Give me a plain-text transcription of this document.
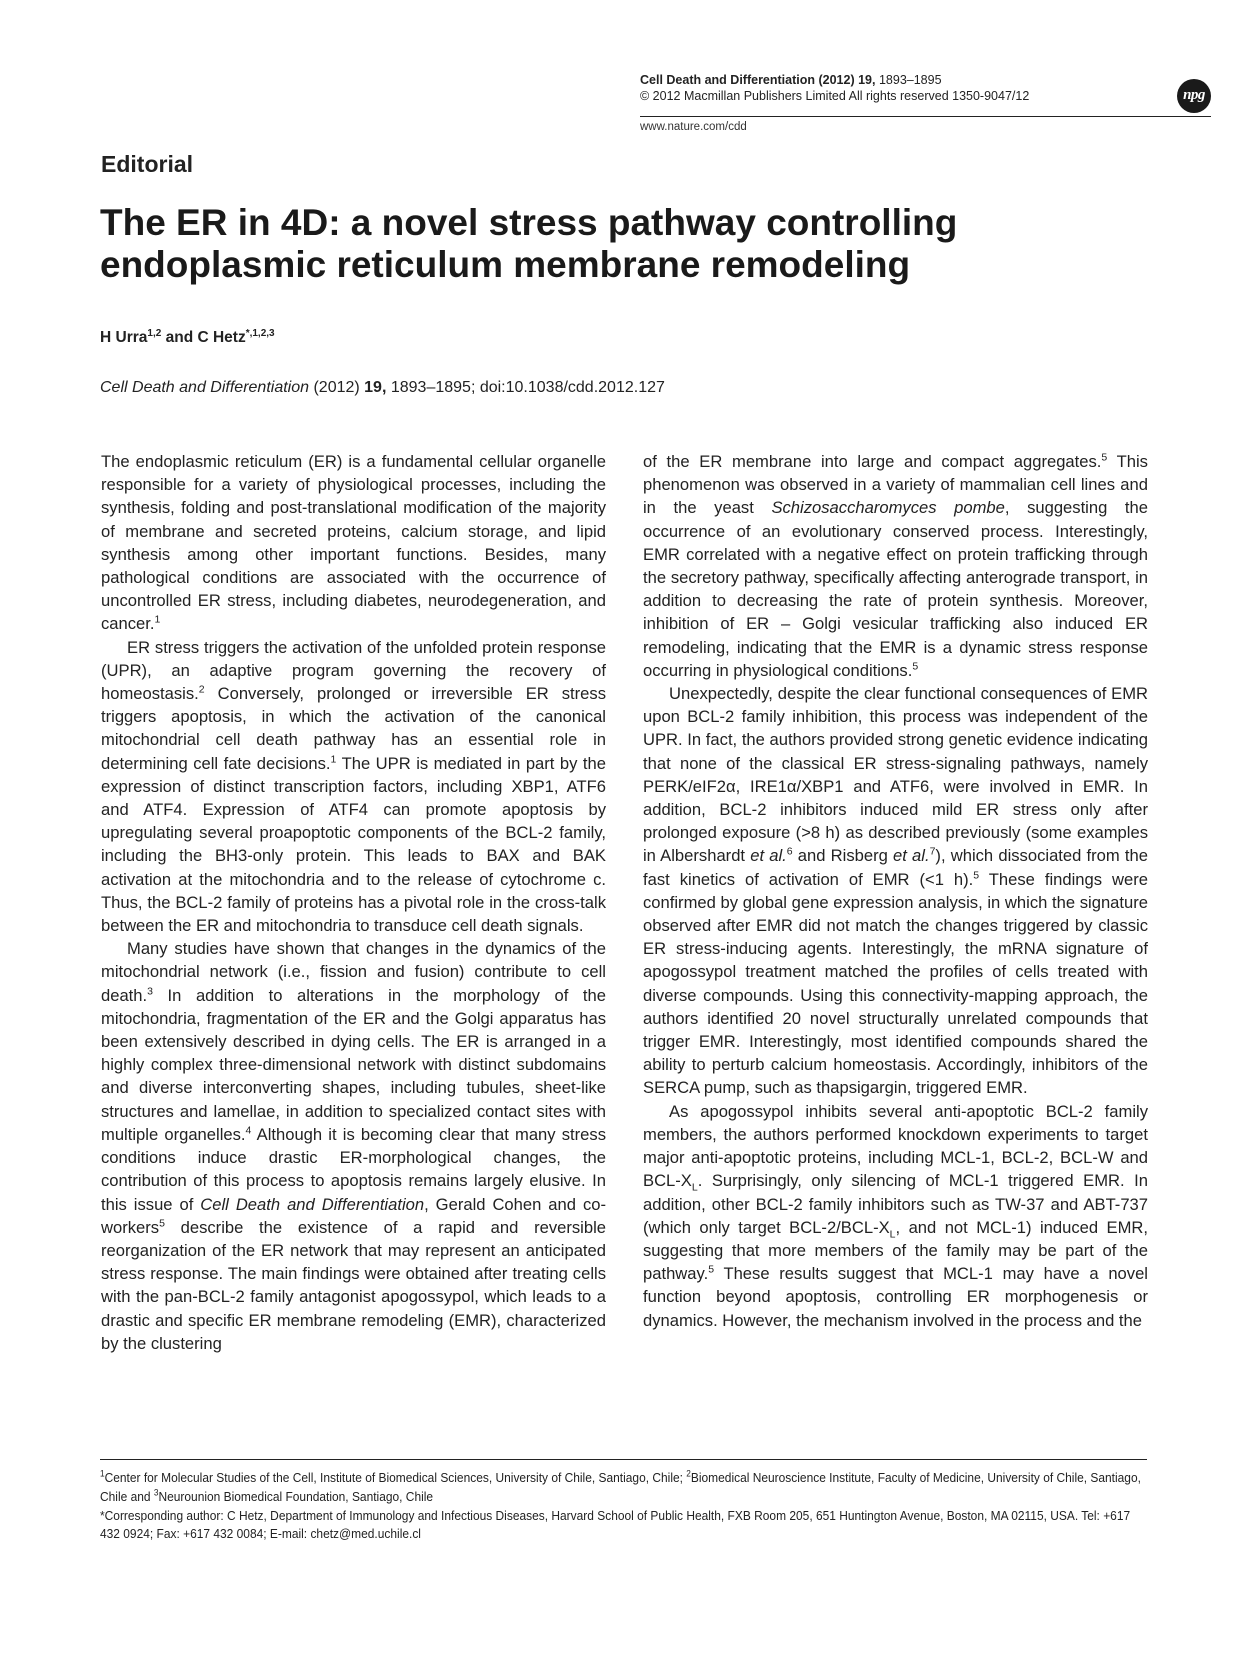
Cell Death and Differentiation (2012) 19, 1893–1895
© 2012 Macmillan Publishers Limited All rights reserved 1350-9047/12
www.nature.com/cdd
npg
Editorial
The ER in 4D: a novel stress pathway controlling endoplasmic reticulum membrane remodeling
H Urra$^{1,2}$ and C Hetz$^{*,1,2,3}$
Cell Death and Differentiation (2012) 19, 1893–1895; doi:10.1038/cdd.2012.127

The endoplasmic reticulum (ER) is a fundamental cellular organelle responsible for a variety of physiological processes, including the synthesis, folding and post-translational modification of the majority of membrane and secreted proteins, calcium storage, and lipid synthesis among other important functions. Besides, many pathological conditions are associated with the occurrence of uncontrolled ER stress, including diabetes, neurodegeneration, and cancer.$^1$

ER stress triggers the activation of the unfolded protein response (UPR), an adaptive program governing the recovery of homeostasis.$^2$ Conversely, prolonged or irreversible ER stress triggers apoptosis, in which the activation of the canonical mitochondrial cell death pathway has an essential role in determining cell fate decisions.$^1$ The UPR is mediated in part by the expression of distinct transcription factors, including XBP1, ATF6 and ATF4. Expression of ATF4 can promote apoptosis by upregulating several proapoptotic components of the BCL-2 family, including the BH3-only protein. This leads to BAX and BAK activation at the mitochondria and to the release of cytochrome c. Thus, the BCL-2 family of proteins has a pivotal role in the cross-talk between the ER and mitochondria to transduce cell death signals.

Many studies have shown that changes in the dynamics of the mitochondrial network (i.e., fission and fusion) contribute to cell death.$^3$ In addition to alterations in the morphology of the mitochondria, fragmentation of the ER and the Golgi apparatus has been extensively described in dying cells. The ER is arranged in a highly complex three-dimensional network with distinct subdomains and diverse interconverting shapes, including tubules, sheet-like structures and lamellae, in addition to specialized contact sites with multiple organelles.$^4$ Although it is becoming clear that many stress conditions induce drastic ER-morphological changes, the contribution of this process to apoptosis remains largely elusive. In this issue of Cell Death and Differentiation, Gerald Cohen and co-workers$^5$ describe the existence of a rapid and reversible reorganization of the ER network that may represent an anticipated stress response. The main findings were obtained after treating cells with the pan-BCL-2 family antagonist apogossypol, which leads to a drastic and specific ER membrane remodeling (EMR), characterized by the clustering

of the ER membrane into large and compact aggregates.$^5$ This phenomenon was observed in a variety of mammalian cell lines and in the yeast Schizosaccharomyces pombe, suggesting the occurrence of an evolutionary conserved process. Interestingly, EMR correlated with a negative effect on protein trafficking through the secretory pathway, specifically affecting anterograde transport, in addition to decreasing the rate of protein synthesis. Moreover, inhibition of ER – Golgi vesicular trafficking also induced ER remodeling, indicating that the EMR is a dynamic stress response occurring in physiological conditions.$^5$

Unexpectedly, despite the clear functional consequences of EMR upon BCL-2 family inhibition, this process was independent of the UPR. In fact, the authors provided strong genetic evidence indicating that none of the classical ER stress-signaling pathways, namely PERK/eIF2α, IRE1α/XBP1 and ATF6, were involved in EMR. In addition, BCL-2 inhibitors induced mild ER stress only after prolonged exposure (>8 h) as described previously (some examples in Albershardt et al.$^6$ and Risberg et al.$^7$), which dissociated from the fast kinetics of activation of EMR (<1 h).$^5$ These findings were confirmed by global gene expression analysis, in which the signature observed after EMR did not match the changes triggered by classic ER stress-inducing agents. Interestingly, the mRNA signature of apogossypol treatment matched the profiles of cells treated with diverse compounds. Using this connectivity-mapping approach, the authors identified 20 novel structurally unrelated compounds that trigger EMR. Interestingly, most identified compounds shared the ability to perturb calcium homeostasis. Accordingly, inhibitors of the SERCA pump, such as thapsigargin, triggered EMR.

As apogossypol inhibits several anti-apoptotic BCL-2 family members, the authors performed knockdown experiments to target major anti-apoptotic proteins, including MCL-1, BCL-2, BCL-W and BCL-$X_L$. Surprisingly, only silencing of MCL-1 triggered EMR. In addition, other BCL-2 family inhibitors such as TW-37 and ABT-737 (which only target BCL-$2/BCL-X_L$, and not MCL-1) induced EMR, suggesting that more members of the family may be part of the pathway.$^5$ These results suggest that MCL-1 may have a novel function beyond apoptosis, controlling ER morphogenesis or dynamics. However, the mechanism involved in the process and the

$^1$Center for Molecular Studies of the Cell, Institute of Biomedical Sciences, University of Chile, Santiago, Chile; $^2$Biomedical Neuroscience Institute, Faculty of Medicine, University of Chile, Santiago, Chile and $^3$Neurounion Biomedical Foundation, Santiago, Chile

*Corresponding author: C Hetz, Department of Immunology and Infectious Diseases, Harvard School of Public Health, FXB Room 205, 651 Huntington Avenue, Boston, MA 02115, USA. Tel: +617 432 0924; Fax: +617 432 0084; E-mail: chetz@med.uchile.cl
